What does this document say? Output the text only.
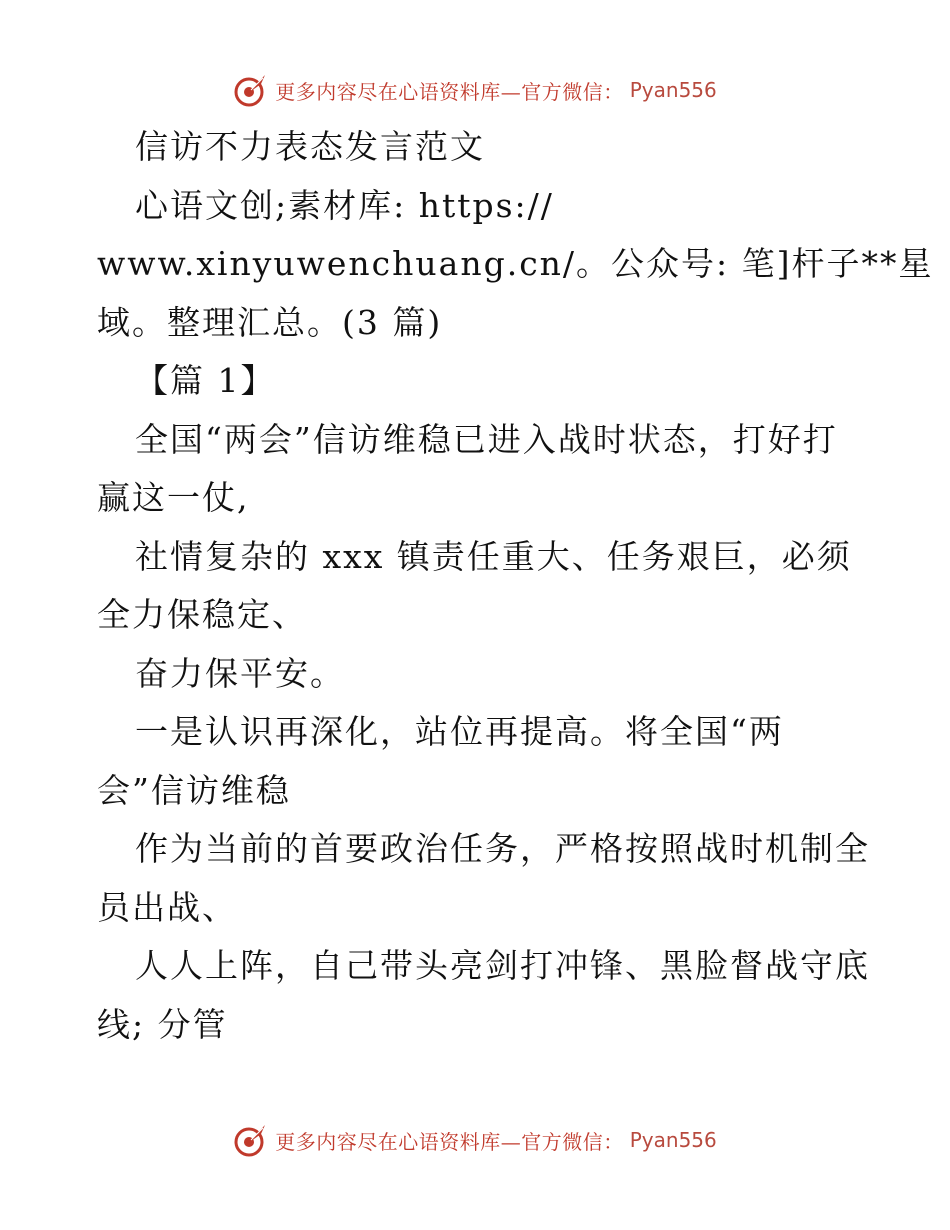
更多内容尽在心语资料库—官方微信： Pyan556
信访不力表态发言范文
心语文创;素材库: https://
www.xinyuwenchuang.cn/。公众号: 笔]杆子**星
域。整理汇总。(3 篇)
【篇 1】
全国“两会”信访维稳已进入战时状态，打好打
赢这一仗,
社情复杂的 xxx 镇责任重大、任务艰巨，必须
全力保稳定、
奋力保平安。
一是认识再深化，站位再提高。将全国“两
会”信访维稳
作为当前的首要政治任务，严格按照战时机制全
员出战、
人人上阵，自己带头亮剑打冲锋、黑脸督战守底
线; 分管
更多内容尽在心语资料库—官方微信： Pyan556
